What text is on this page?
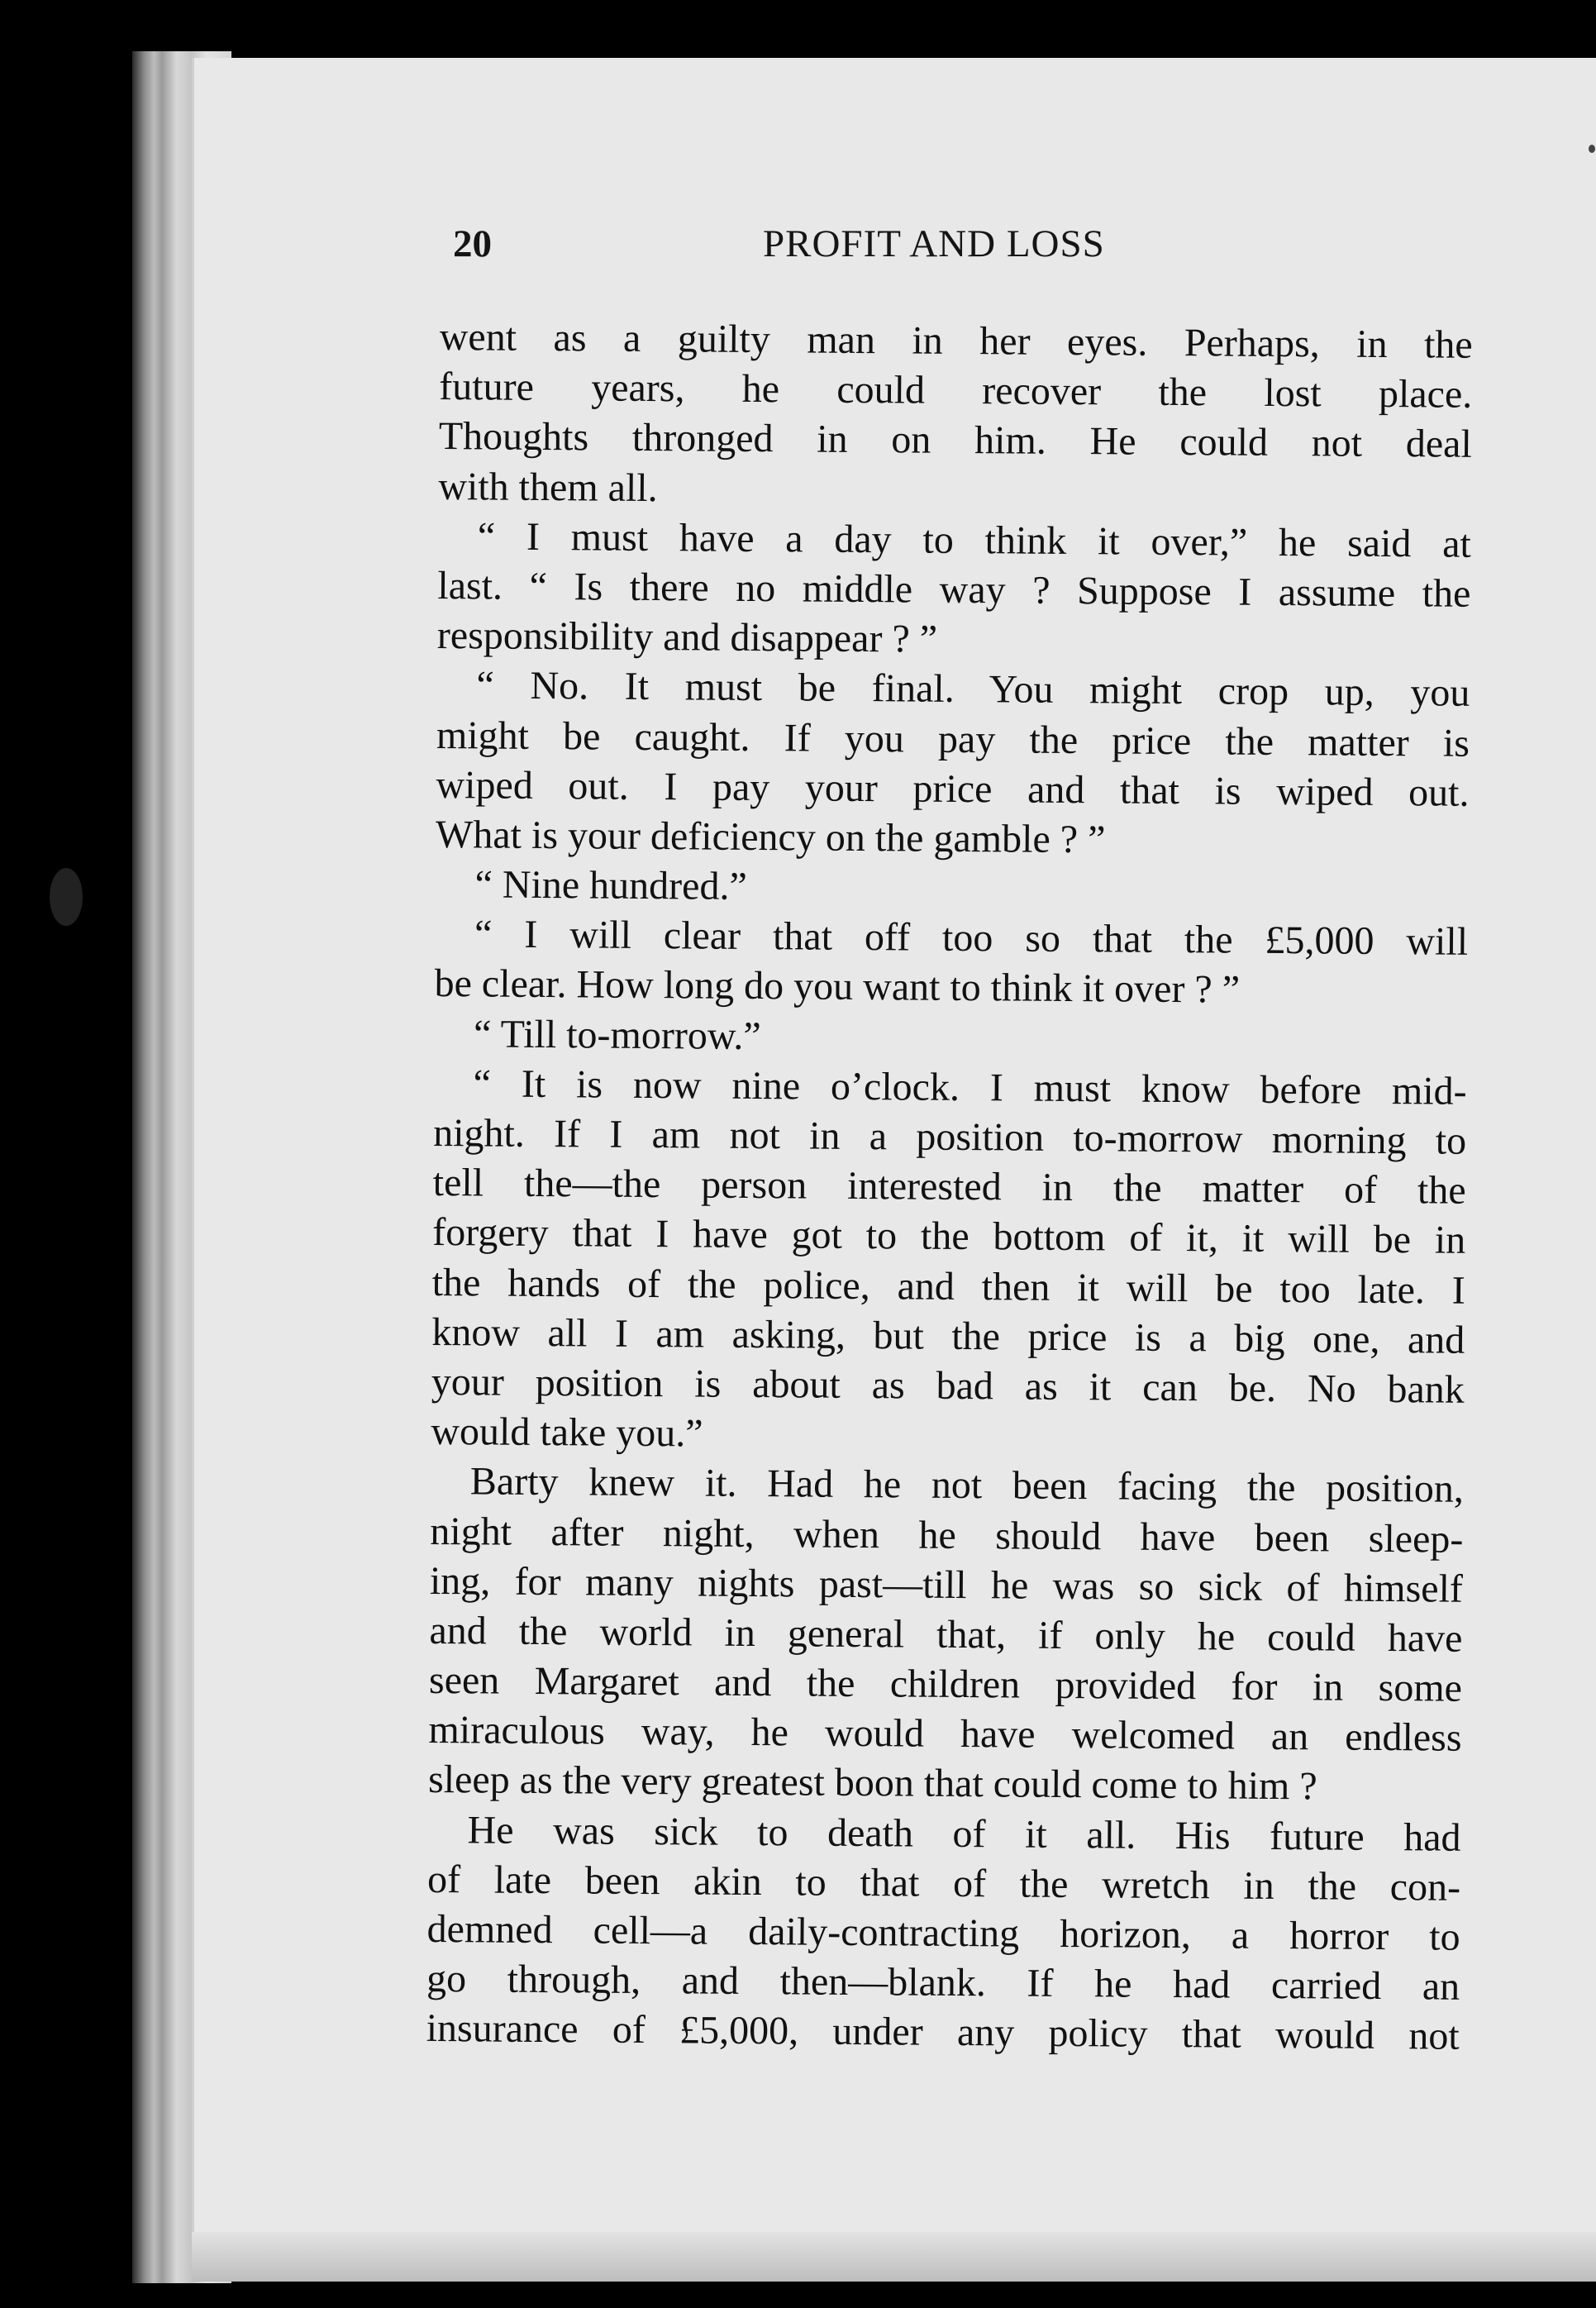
20	PROFIT AND LOSS
went as a guilty man in her eyes. Perhaps, in the
future years, he could recover the lost place.
Thoughts thronged in on him. He could not deal
with them all.
“ I must have a day to think it over,” he said at
last. “ Is there no middle way ? Suppose I assume the
responsibility and disappear ? ”
“ No. It must be final. You might crop up, you
might be caught. If you pay the price the matter is
wiped out. I pay your price and that is wiped out.
What is your deficiency on the gamble ? ”
“ Nine hundred.”
“ I will clear that off too so that the £5,000 will
be clear. How long do you want to think it over ? ”
“ Till to-morrow.”
“ It is now nine o’clock. I must know before mid-
night. If I am not in a position to-morrow morning to
tell the—the person interested in the matter of the
forgery that I have got to the bottom of it, it will be in
the hands of the police, and then it will be too late. I
know all I am asking, but the price is a big one, and
your position is about as bad as it can be. No bank
would take you.”
Barty knew it. Had he not been facing the position,
night after night, when he should have been sleep-
ing, for many nights past—till he was so sick of himself
and the world in general that, if only he could have
seen Margaret and the children provided for in some
miraculous way, he would have welcomed an endless
sleep as the very greatest boon that could come to him ?
He was sick to death of it all. His future had
of late been akin to that of the wretch in the con-
demned cell—a daily-contracting horizon, a horror to
go through, and then—blank. If he had carried an
insurance of £5,000, under any policy that would not
